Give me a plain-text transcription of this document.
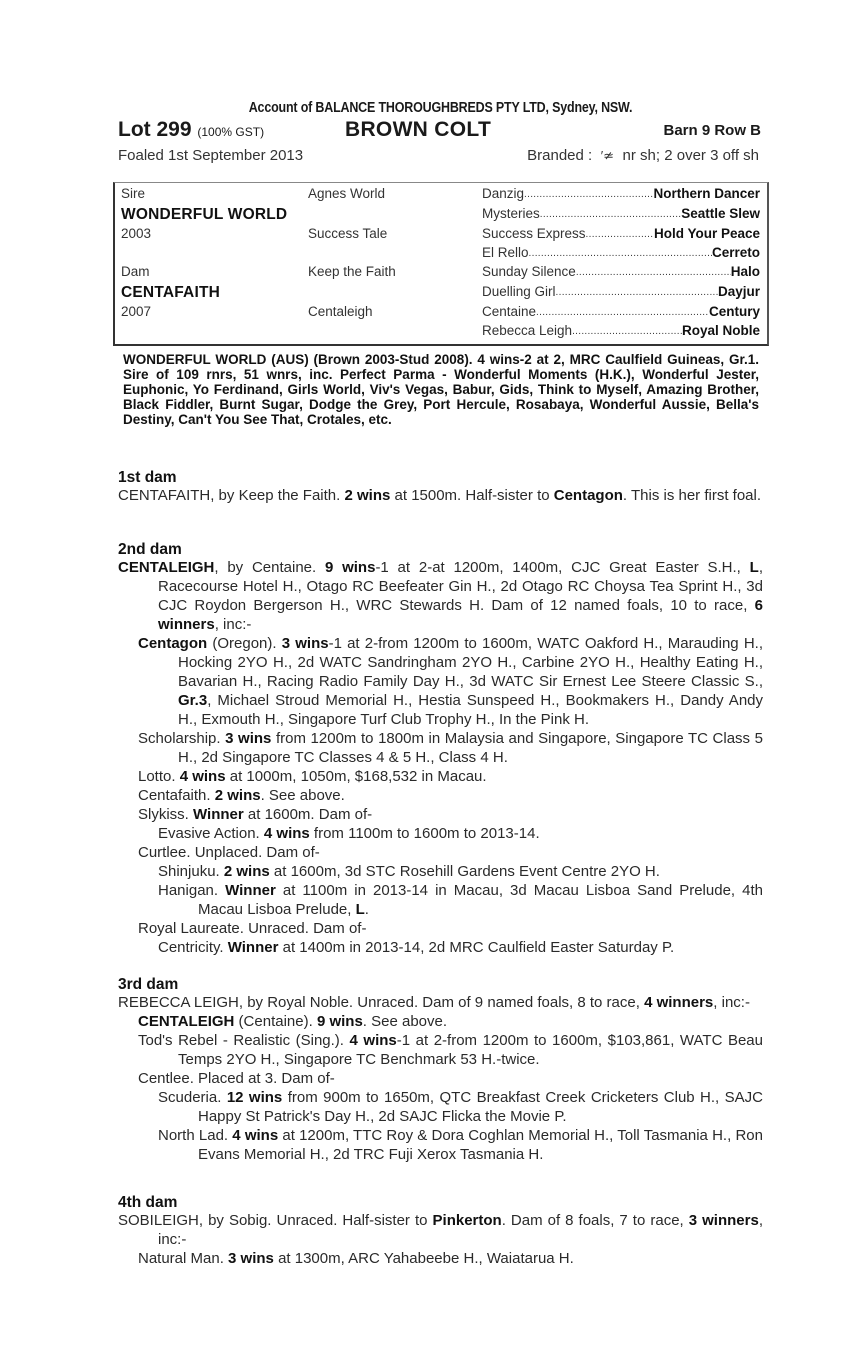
Account of BALANCE THOROUGHBREDS PTY LTD, Sydney, NSW.
Lot 299 (100% GST)	BROWN COLT	Barn 9 Row B
Foaled 1st September 2013	Branded : ′≄ nr sh; 2 over 3 off sh
Sire	Agnes World	Danzig .....	Northern Dancer
WONDERFUL WORLD	Mysteries .....	Seattle Slew
2003	Success Tale	Success Express .....	Hold Your Peace
El Rello .....	Cerreto
Dam	Keep the Faith	Sunday Silence .....	Halo
CENTAFAITH	Duelling Girl .....	Dayjur
2007	Centaleigh	Centaine .....	Century
Rebecca Leigh .....	Royal Noble
WONDERFUL WORLD (AUS) (Brown 2003-Stud 2008). 4 wins-2 at 2, MRC Caulfield Guineas, Gr.1. Sire of 109 rnrs, 51 wnrs, inc. Perfect Parma - Wonderful Moments (H.K.), Wonderful Jester, Euphonic, Yo Ferdinand, Girls World, Viv's Vegas, Babur, Gids, Think to Myself, Amazing Brother, Black Fiddler, Burnt Sugar, Dodge the Grey, Port Hercule, Rosabaya, Wonderful Aussie, Bella's Destiny, Can't You See That, Crotales, etc.
1st dam
CENTAFAITH, by Keep the Faith. 2 wins at 1500m. Half-sister to Centagon. This is her first foal.
2nd dam
CENTALEIGH, by Centaine. 9 wins-1 at 2-at 1200m, 1400m, CJC Great Easter S.H., L, Racecourse Hotel H., Otago RC Beefeater Gin H., 2d Otago RC Choysa Tea Sprint H., 3d CJC Roydon Bergerson H., WRC Stewards H. Dam of 12 named foals, 10 to race, 6 winners, inc:-
Centagon (Oregon). 3 wins-1 at 2-from 1200m to 1600m, WATC Oakford H., Marauding H., Hocking 2YO H., 2d WATC Sandringham 2YO H., Carbine 2YO H., Healthy Eating H., Bavarian H., Racing Radio Family Day H., 3d WATC Sir Ernest Lee Steere Classic S., Gr.3, Michael Stroud Memorial H., Hestia Sunspeed H., Bookmakers H., Dandy Andy H., Exmouth H., Singapore Turf Club Trophy H., In the Pink H.
Scholarship. 3 wins from 1200m to 1800m in Malaysia and Singapore, Singapore TC Class 5 H., 2d Singapore TC Classes 4 & 5 H., Class 4 H.
Lotto. 4 wins at 1000m, 1050m, $168,532 in Macau.
Centafaith. 2 wins. See above.
Slykiss. Winner at 1600m. Dam of-
Evasive Action. 4 wins from 1100m to 1600m to 2013-14.
Curtlee. Unplaced. Dam of-
Shinjuku. 2 wins at 1600m, 3d STC Rosehill Gardens Event Centre 2YO H.
Hanigan. Winner at 1100m in 2013-14 in Macau, 3d Macau Lisboa Sand Prelude, 4th Macau Lisboa Prelude, L.
Royal Laureate. Unraced. Dam of-
Centricity. Winner at 1400m in 2013-14, 2d MRC Caulfield Easter Saturday P.
3rd dam
REBECCA LEIGH, by Royal Noble. Unraced. Dam of 9 named foals, 8 to race, 4 winners, inc:-
CENTALEIGH (Centaine). 9 wins. See above.
Tod's Rebel - Realistic (Sing.). 4 wins-1 at 2-from 1200m to 1600m, $103,861, WATC Beau Temps 2YO H., Singapore TC Benchmark 53 H.-twice.
Centlee. Placed at 3. Dam of-
Scuderia. 12 wins from 900m to 1650m, QTC Breakfast Creek Cricketers Club H., SAJC Happy St Patrick's Day H., 2d SAJC Flicka the Movie P.
North Lad. 4 wins at 1200m, TTC Roy & Dora Coghlan Memorial H., Toll Tasmania H., Ron Evans Memorial H., 2d TRC Fuji Xerox Tasmania H.
4th dam
SOBILEIGH, by Sobig. Unraced. Half-sister to Pinkerton. Dam of 8 foals, 7 to race, 3 winners, inc:-
Natural Man. 3 wins at 1300m, ARC Yahabeebe H., Waiatarua H.
